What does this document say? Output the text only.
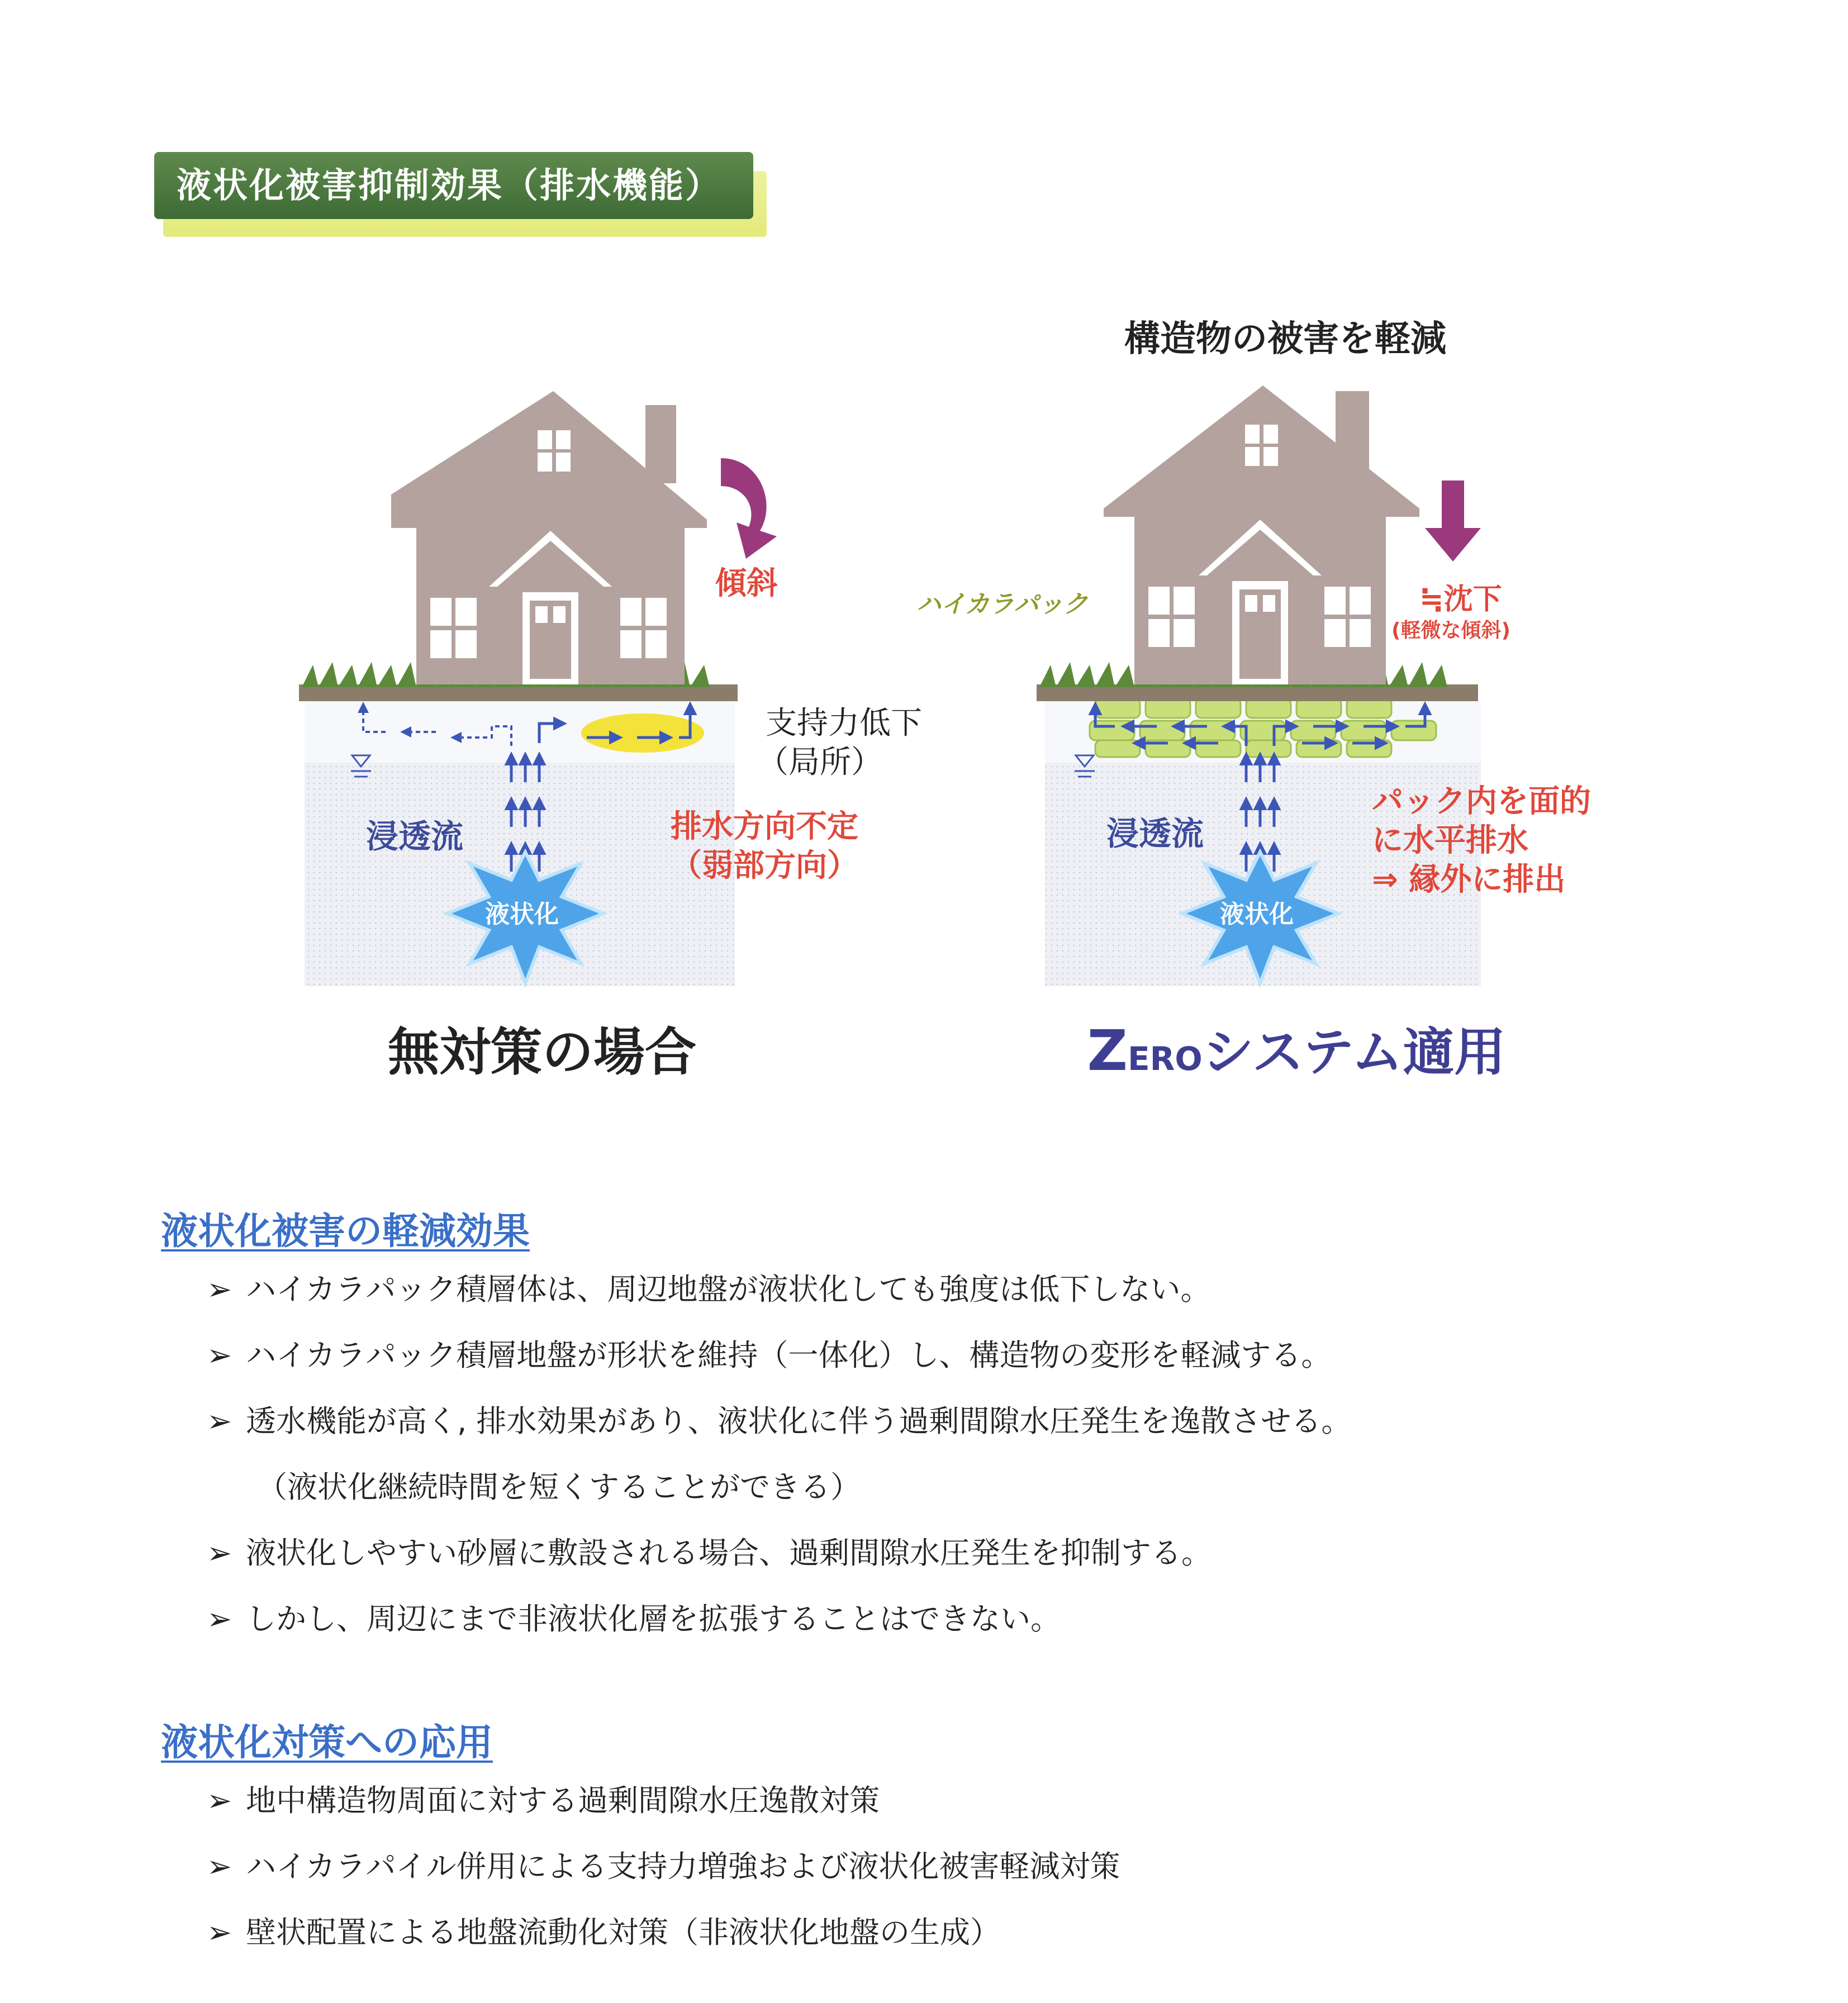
液状化被害抑制効果（排水機能）
構造物の被害を軽減
傾斜
支持力低下
（局所）
浸透流	排水方向不定
（弱部方向）
液状化
無対策の場合
ハイカラパック	≒沈下
(軽微な傾斜)
浸透流
パック内を面的
に水平排水
⇒ 縁外に排出
液状化
ZEROシステム適用
液状化被害の軽減効果
➢ ハイカラパック積層体は、周辺地盤が液状化しても強度は低下しない。
➢ ハイカラパック積層地盤が形状を維持（一体化）し、構造物の変形を軽減する。
➢ 透水機能が高く, 排水効果があり、液状化に伴う過剰間隙水圧発生を逸散させる。
（液状化継続時間を短くすることができる）
➢ 液状化しやすい砂層に敷設される場合、過剰間隙水圧発生を抑制する。
➢ しかし、周辺にまで非液状化層を拡張することはできない。
液状化対策への応用
➢ 地中構造物周面に対する過剰間隙水圧逸散対策
➢ ハイカラパイル併用による支持力増強および液状化被害軽減対策
➢ 壁状配置による地盤流動化対策（非液状化地盤の生成）
